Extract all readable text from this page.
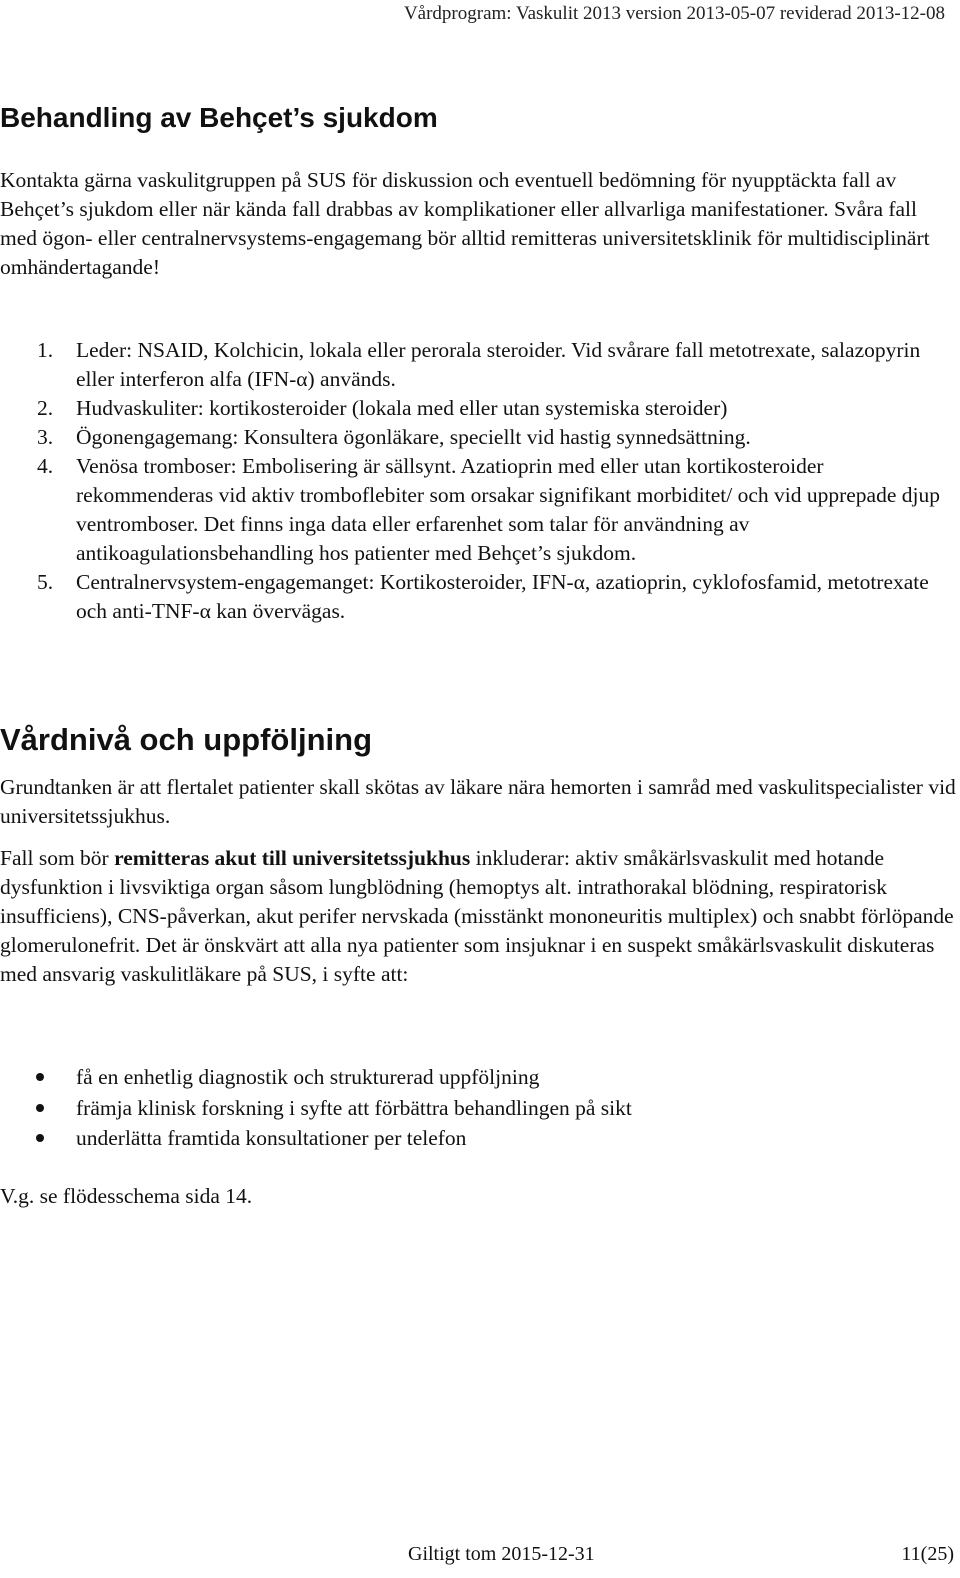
Vårdprogram: Vaskulit 2013 version 2013-05-07 reviderad 2013-12-08
Behandling av Behçet’s sjukdom

Kontakta gärna vaskulitgruppen på SUS för diskussion och eventuell bedömning för nyupptäckta fall av Behçet’s sjukdom eller när kända fall drabbas av komplikationer eller allvarliga manifestationer. Svåra fall med ögon- eller centralnervsystems-engagemang bör alltid remitteras universitetsklinik för multidisciplinärt omhändertagande!

1. Leder: NSAID, Kolchicin, lokala eller perorala steroider. Vid svårare fall metotrexate, salazopyrin eller interferon alfa (IFN-α) används.
2. Hudvaskuliter: kortikosteroider (lokala med eller utan systemiska steroider)
3. Ögonengagemang: Konsultera ögonläkare, speciellt vid hastig synnedsättning.
4. Venösa tromboser: Embolisering är sällsynt. Azatioprin med eller utan kortikosteroider rekommenderas vid aktiv tromboflebiter som orsakar signifikant morbiditet/ och vid upprepade djup ventromboser. Det finns inga data eller erfarenhet som talar för användning av antikoagulationsbehandling hos patienter med Behçet’s sjukdom.
5. Centralnervsystem-engagemanget: Kortikosteroider, IFN-α, azatioprin, cyklofosfamid, metotrexate och anti-TNF-α kan övervägas.
Vårdnivå och uppföljning

Grundtanken är att flertalet patienter skall skötas av läkare nära hemorten i samråd med vaskulitspecialister vid universitetssjukhus.

Fall som bör remitteras akut till universitetssjukhus inkluderar: aktiv småkärlsvaskulit med hotande dysfunktion i livsviktiga organ såsom lungblödning (hemoptys alt. intrathorakal blödning, respiratorisk insufficiens), CNS-påverkan, akut perifer nervskada (misstänkt mononeuritis multiplex) och snabbt förlöpande glomerulonefrit. Det är önskvärt att alla nya patienter som insjuknar i en suspekt småkärlsvaskulit diskuteras med ansvarig vaskulitläkare på SUS, i syfte att:

få en enhetlig diagnostik och strukturerad uppföljning
främja klinisk forskning i syfte att förbättra behandlingen på sikt
underlätta framtida konsultationer per telefon

V.g. se flödesschema sida 14.

Giltigt tom 2015-12-31	11(25)
